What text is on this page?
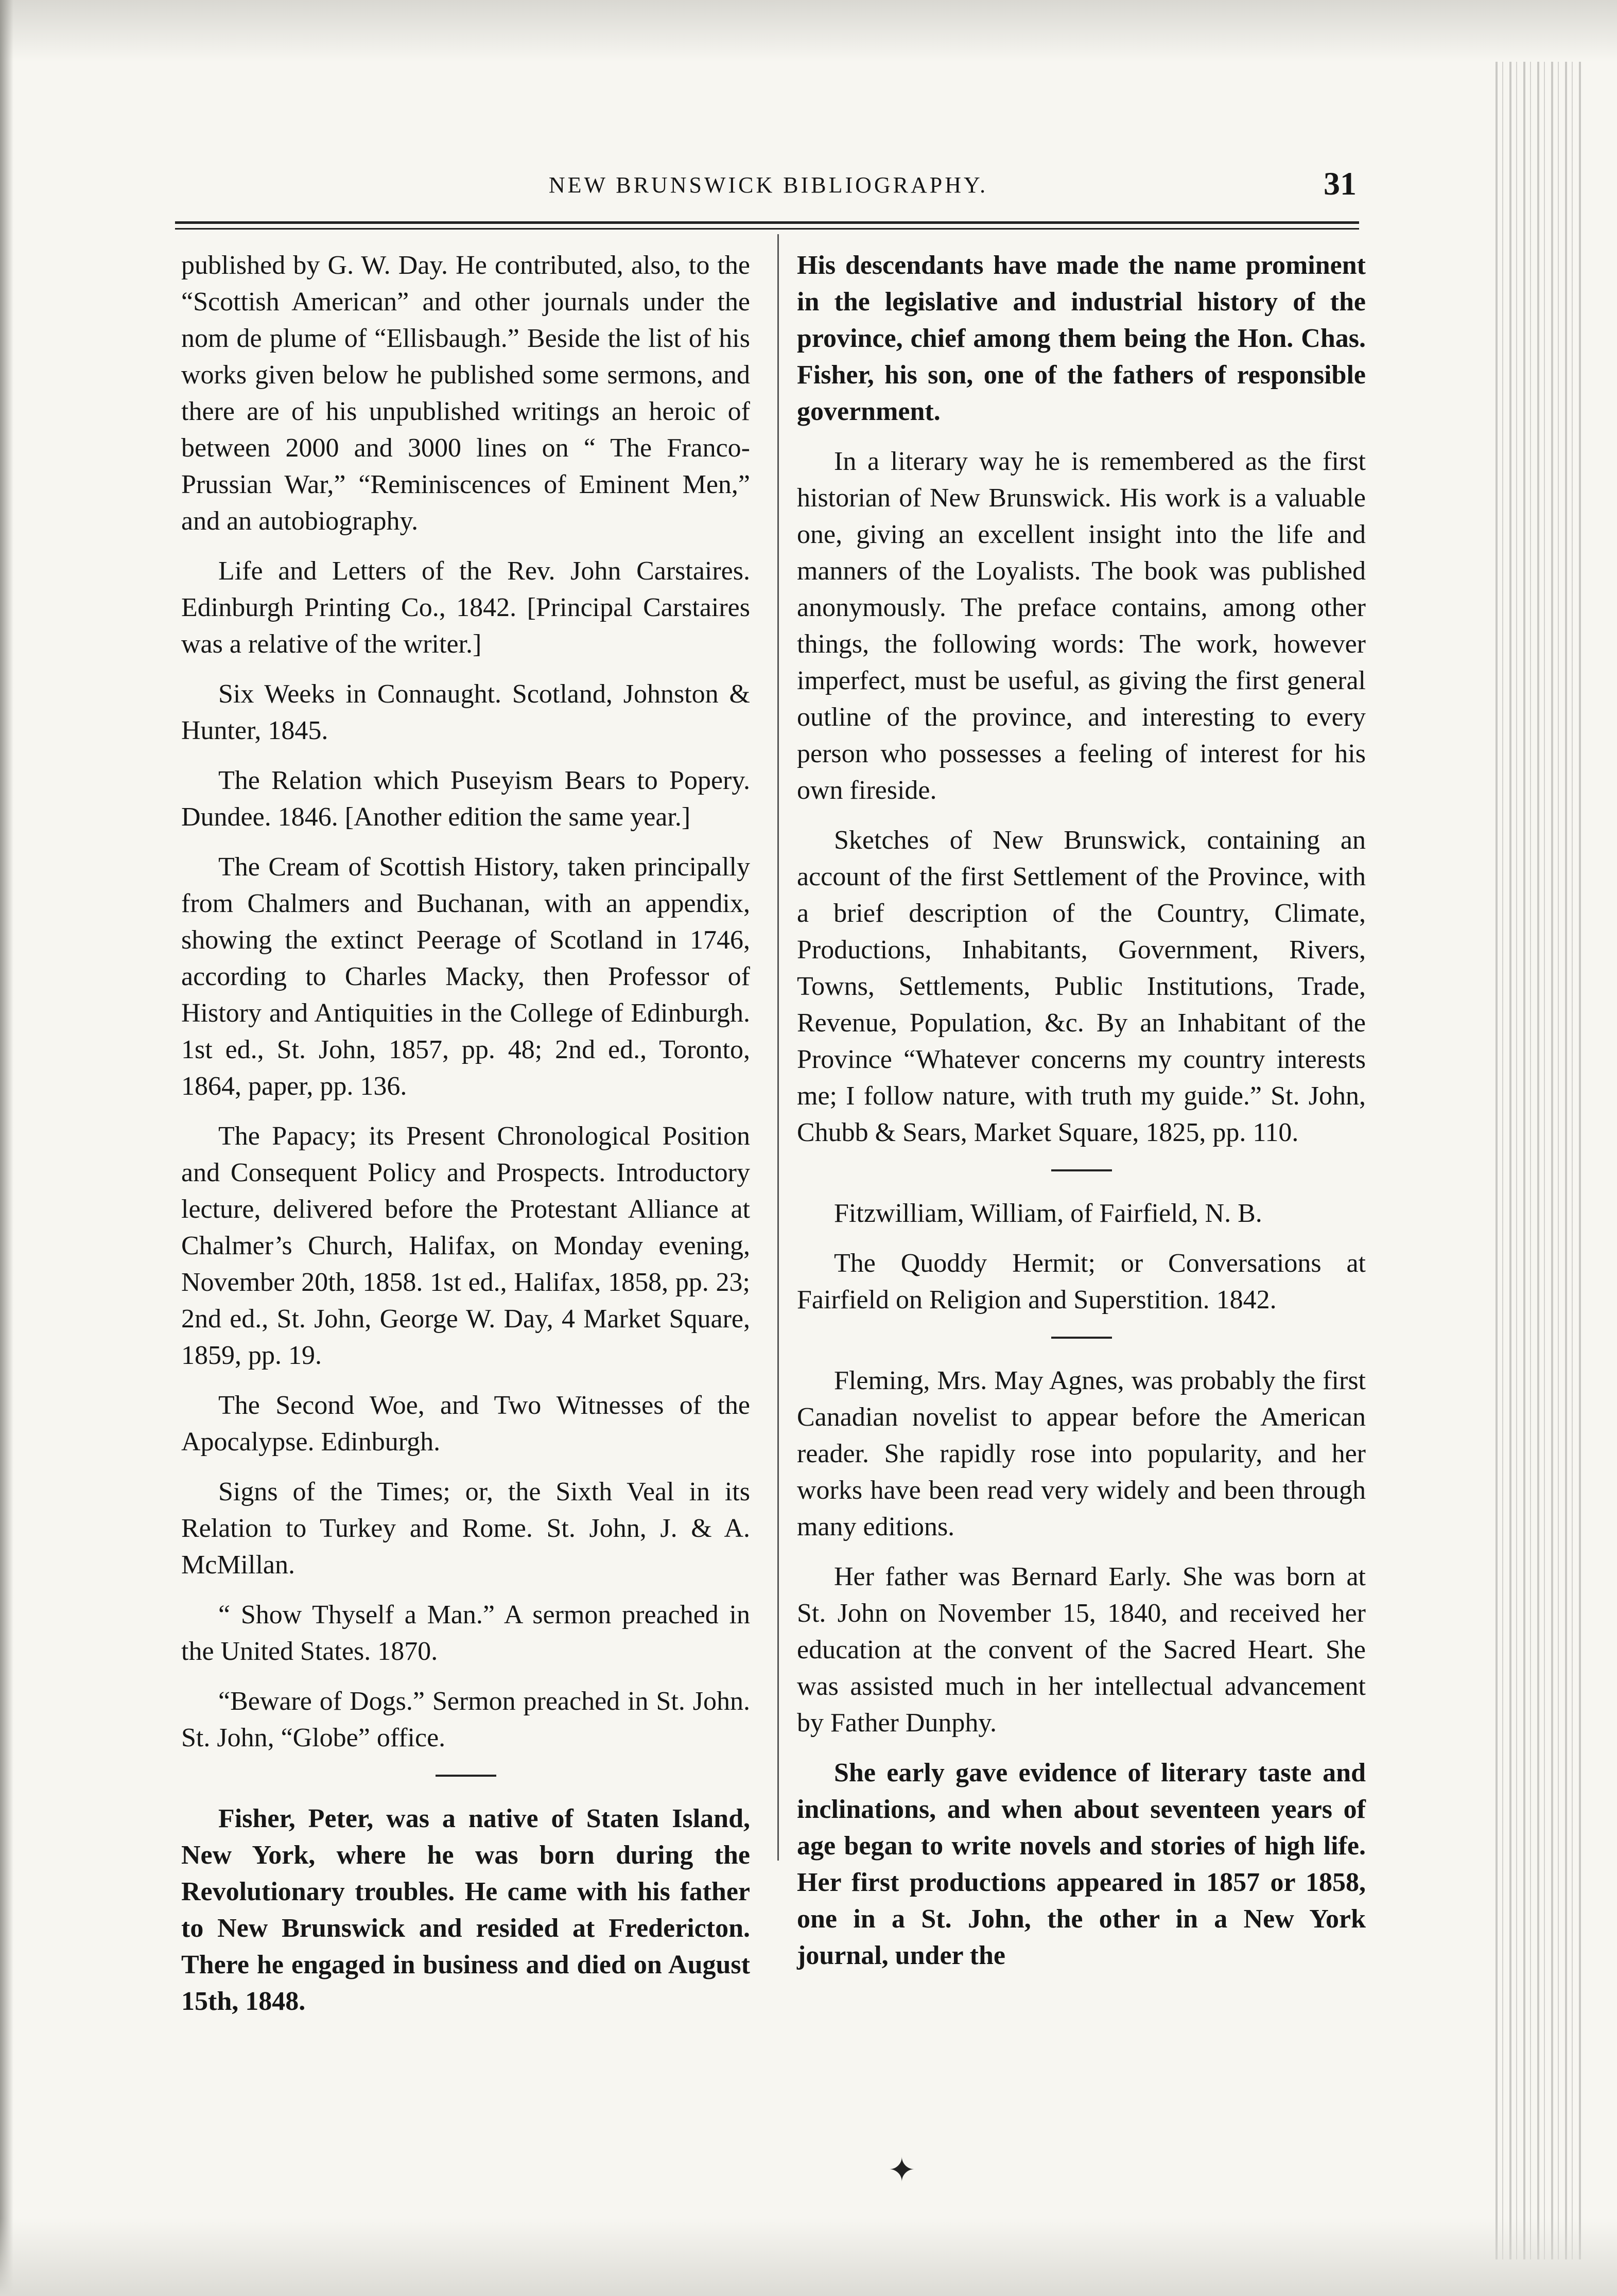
NEW BRUNSWICK BIBLIOGRAPHY.	31

published by G. W. Day. He contributed, also, to the “Scottish American” and other journals under the nom de plume of “Ellisbaugh.” Beside the list of his works given below he published some sermons, and there are of his unpublished writings an heroic of between 2000 and 3000 lines on “ The Franco-Prussian War,” “Reminiscences of Eminent Men,” and an autobiography.

Life and Letters of the Rev. John Carstaires. Edinburgh Printing Co., 1842. [Principal Carstaires was a relative of the writer.]

Six Weeks in Connaught. Scotland, Johnston & Hunter, 1845.

The Relation which Puseyism Bears to Popery. Dundee. 1846. [Another edition the same year.]

The Cream of Scottish History, taken principally from Chalmers and Buchanan, with an appendix, showing the extinct Peerage of Scotland in 1746, according to Charles Macky, then Professor of History and Antiquities in the College of Edinburgh. 1st ed., St. John, 1857, pp. 48; 2nd ed., Toronto, 1864, paper, pp. 136.

The Papacy; its Present Chronological Position and Consequent Policy and Prospects. Introductory lecture, delivered before the Protestant Alliance at Chalmer’s Church, Halifax, on Monday evening, November 20th, 1858. 1st ed., Halifax, 1858, pp. 23; 2nd ed., St. John, George W. Day, 4 Market Square, 1859, pp. 19.

The Second Woe, and Two Witnesses of the Apocalypse. Edinburgh.

Signs of the Times; or, the Sixth Veal in its Relation to Turkey and Rome. St. John, J. & A. McMillan.

“ Show Thyself a Man.” A sermon preached in the United States. 1870.

“Beware of Dogs.” Sermon preached in St. John. St. John, “Globe” office.

Fisher, Peter, was a native of Staten Island, New York, where he was born during the Revolutionary troubles. He came with his father to New Brunswick and resided at Fredericton. There he engaged in business and died on August 15th, 1848.

His descendants have made the name prominent in the legislative and industrial history of the province, chief among them being the Hon. Chas. Fisher, his son, one of the fathers of responsible government.

In a literary way he is remembered as the first historian of New Brunswick. His work is a valuable one, giving an excellent insight into the life and manners of the Loyalists. The book was published anonymously. The preface contains, among other things, the following words: The work, however imperfect, must be useful, as giving the first general outline of the province, and interesting to every person who possesses a feeling of interest for his own fireside.

Sketches of New Brunswick, containing an account of the first Settlement of the Province, with a brief description of the Country, Climate, Productions, Inhabitants, Government, Rivers, Towns, Settlements, Public Institutions, Trade, Revenue, Population, &c. By an Inhabitant of the Province “Whatever concerns my country interests me; I follow nature, with truth my guide.” St. John, Chubb & Sears, Market Square, 1825, pp. 110.

Fitzwilliam, William, of Fairfield, N. B.

The Quoddy Hermit; or Conversations at Fairfield on Religion and Superstition. 1842.

Fleming, Mrs. May Agnes, was probably the first Canadian novelist to appear before the American reader. She rapidly rose into popularity, and her works have been read very widely and been through many editions.

Her father was Bernard Early. She was born at St. John on November 15, 1840, and received her education at the convent of the Sacred Heart. She was assisted much in her intellectual advancement by Father Dunphy.

She early gave evidence of literary taste and inclinations, and when about seventeen years of age began to write novels and stories of high life. Her first productions appeared in 1857 or 1858, one in a St. John, the other in a New York journal, under the

✦
